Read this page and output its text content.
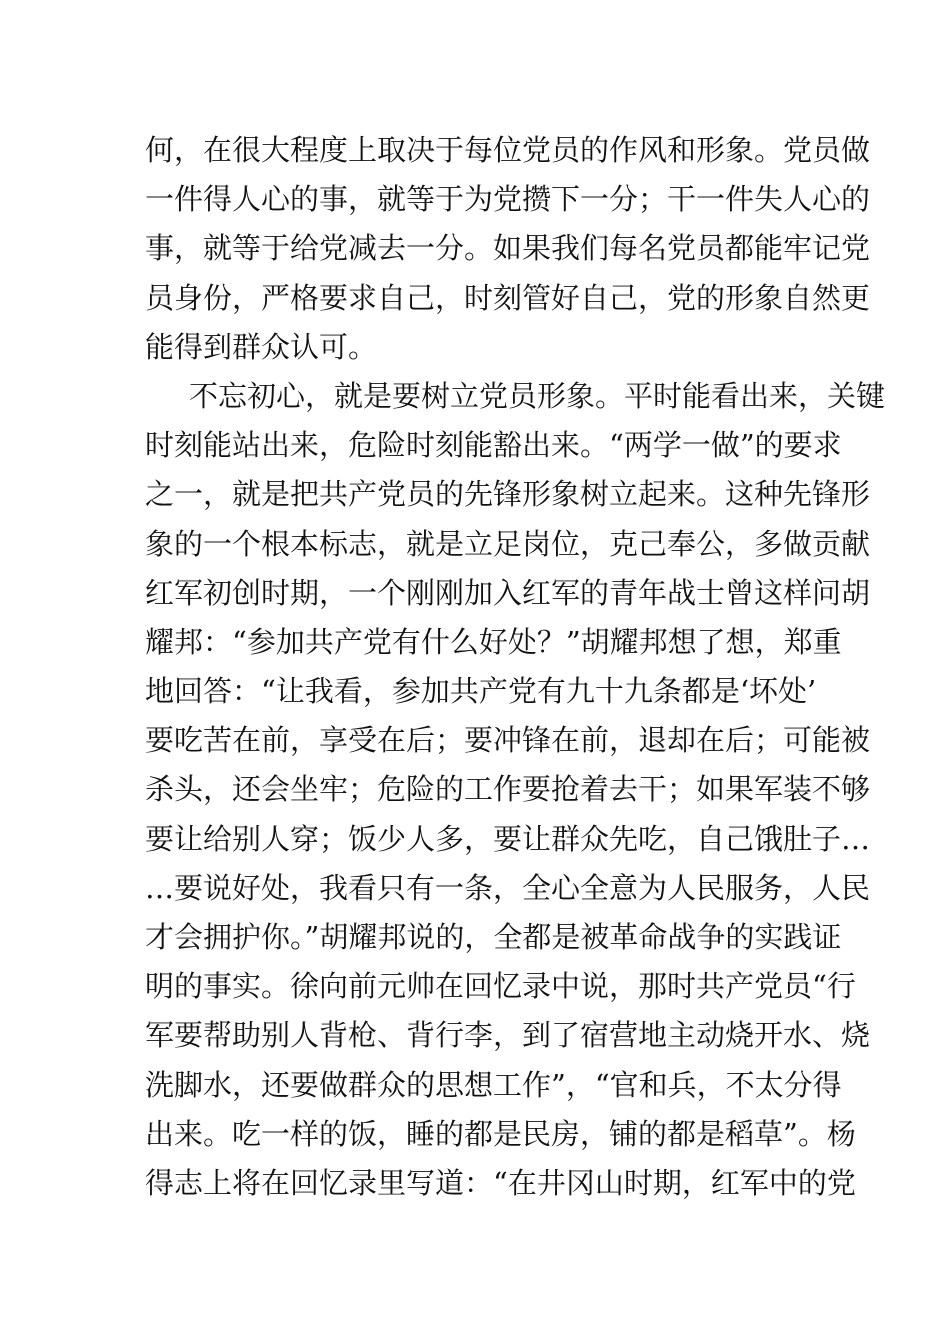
何，在很大程度上取决于每位党员的作风和形象。党员做
一件得人心的事，就等于为党攒下一分；干一件失人心的
事，就等于给党减去一分。如果我们每名党员都能牢记党
员身份，严格要求自己，时刻管好自己，党的形象自然更
能得到群众认可。
不忘初心，就是要树立党员形象。平时能看出来，关键
时刻能站出来，危险时刻能豁出来。“两学一做”的要求
之一，就是把共产党员的先锋形象树立起来。这种先锋形
象的一个根本标志，就是立足岗位，克己奉公，多做贡献
红军初创时期，一个刚刚加入红军的青年战士曾这样问胡
耀邦：“参加共产党有什么好处？”胡耀邦想了想，郑重
地回答：“让我看，参加共产党有九十九条都是‘坏处’
要吃苦在前，享受在后；要冲锋在前，退却在后；可能被
杀头，还会坐牢；危险的工作要抢着去干；如果军装不够
要让给别人穿；饭少人多，要让群众先吃，自己饿肚子…
…要说好处，我看只有一条，全心全意为人民服务，人民
才会拥护你。”胡耀邦说的，全都是被革命战争的实践证
明的事实。徐向前元帅在回忆录中说，那时共产党员“行
军要帮助别人背枪、背行李，到了宿营地主动烧开水、烧
洗脚水，还要做群众的思想工作”，“官和兵，不太分得
出来。吃一样的饭，睡的都是民房，铺的都是稻草”。杨
得志上将在回忆录里写道：“在井冈山时期，红军中的党
